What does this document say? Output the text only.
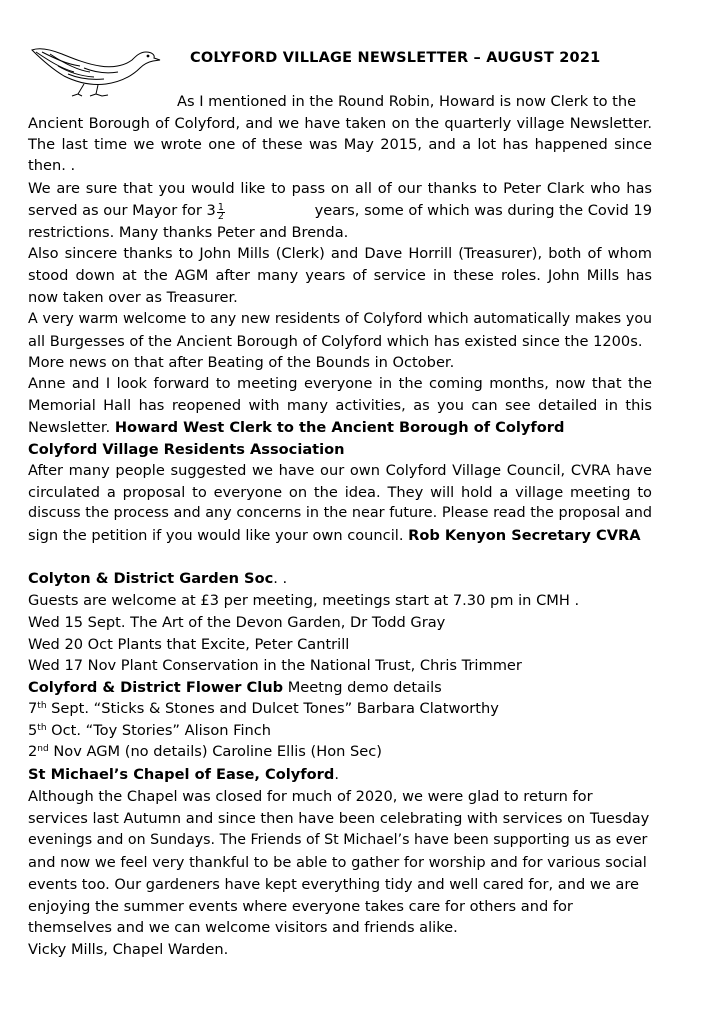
COLYFORD VILLAGE NEWSLETTER – AUGUST 2021
As I mentioned in the Round Robin, Howard is now Clerk to the
Ancient Borough of Colyford, and we have taken on the quarterly village Newsletter.
The last time we wrote one of these was May 2015, and a lot has happened since
then. .
We are sure that you would like to pass on all of our thanks to Peter Clark who has
served as our Mayor for $3 \frac{1}{2}$	years, some of which was during the Covid 19
restrictions. Many thanks Peter and Brenda.
Also sincere thanks to John Mills (Clerk) and Dave Horrill (Treasurer), both of whom
stood down at the AGM after many years of service in these roles. John Mills has
now taken over as Treasurer.
A very warm welcome to any new residents of Colyford which automatically makes you
all Burgesses of the Ancient Borough of Colyford which has existed since the 1200s.
More news on that after Beating of the Bounds in October.
Anne and I look forward to meeting everyone in the coming months, now that the
Memorial Hall has reopened with many activities, as you can see detailed in this
Newsletter. Howard West Clerk to the Ancient Borough of Colyford
Colyford Village Residents Association
After many people suggested we have our own Colyford Village Council, CVRA have
circulated a proposal to everyone on the idea. They will hold a village meeting to
discuss the process and any concerns in the near future. Please read the proposal and
sign the petition if you would like your own council. Rob Kenyon Secretary CVRA
Colyton & District Garden Soc. .
Guests are welcome at £3 per meeting, meetings start at 7.30 pm in CMH .
Wed 15 Sept. The Art of the Devon Garden, Dr Todd Gray
Wed 20 Oct Plants that Excite, Peter Cantrill
Wed 17 Nov Plant Conservation in the National Trust, Chris Trimmer
Colyford & District Flower Club Meetng demo details
7th Sept. “Sticks & Stones and Dulcet Tones” Barbara Clatworthy
5th Oct. “Toy Stories” Alison Finch
2nd Nov AGM (no details) Caroline Ellis (Hon Sec)
St Michael’s Chapel of Ease, Colyford.
Although the Chapel was closed for much of 2020, we were glad to return for
services last Autumn and since then have been celebrating with services on Tuesday
evenings and on Sundays. The Friends of St Michael’s have been supporting us as ever
and now we feel very thankful to be able to gather for worship and for various social
events too. Our gardeners have kept everything tidy and well cared for, and we are
enjoying the summer events where everyone takes care for others and for
themselves and we can welcome visitors and friends alike.
Vicky Mills, Chapel Warden.
